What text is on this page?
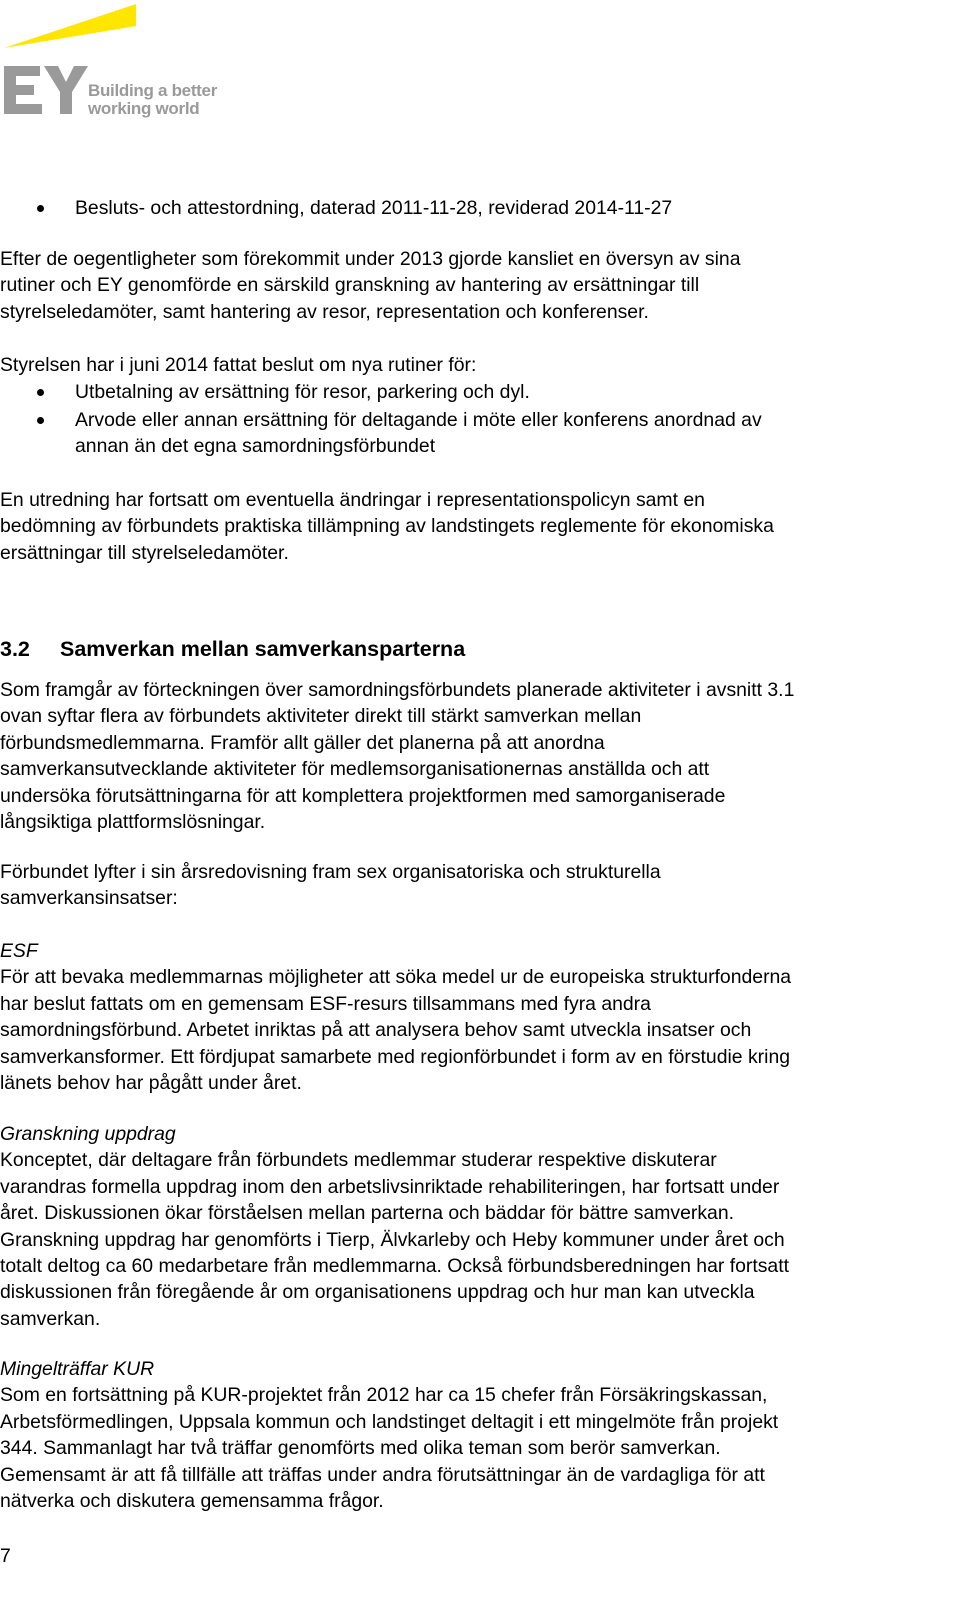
Building a better
working world
Besluts- och attestordning, daterad 2011-11-28, reviderad 2014-11-27
Efter de oegentligheter som förekommit under 2013 gjorde kansliet en översyn av sina
rutiner och EY genomförde en särskild granskning av hantering av ersättningar till
styrelseledamöter, samt hantering av resor, representation och konferenser.
Styrelsen har i juni 2014 fattat beslut om nya rutiner för:
Utbetalning av ersättning för resor, parkering och dyl.
Arvode eller annan ersättning för deltagande i möte eller konferens anordnad av
annan än det egna samordningsförbundet
En utredning har fortsatt om eventuella ändringar i representationspolicyn samt en
bedömning av förbundets praktiska tillämpning av landstingets reglemente för ekonomiska
ersättningar till styrelseledamöter.
3.2 Samverkan mellan samverkansparterna
Som framgår av förteckningen över samordningsförbundets planerade aktiviteter i avsnitt 3.1
ovan syftar flera av förbundets aktiviteter direkt till stärkt samverkan mellan
förbundsmedlemmarna. Framför allt gäller det planerna på att anordna
samverkansutvecklande aktiviteter för medlemsorganisationernas anställda och att
undersöka förutsättningarna för att komplettera projektformen med samorganiserade
långsiktiga plattformslösningar.
Förbundet lyfter i sin årsredovisning fram sex organisatoriska och strukturella
samverkansinsatser:
ESF
För att bevaka medlemmarnas möjligheter att söka medel ur de europeiska strukturfonderna
har beslut fattats om en gemensam ESF-resurs tillsammans med fyra andra
samordningsförbund. Arbetet inriktas på att analysera behov samt utveckla insatser och
samverkansformer. Ett fördjupat samarbete med regionförbundet i form av en förstudie kring
länets behov har pågått under året.
Granskning uppdrag
Konceptet, där deltagare från förbundets medlemmar studerar respektive diskuterar
varandras formella uppdrag inom den arbetslivsinriktade rehabiliteringen, har fortsatt under
året. Diskussionen ökar förståelsen mellan parterna och bäddar för bättre samverkan.
Granskning uppdrag har genomförts i Tierp, Älvkarleby och Heby kommuner under året och
totalt deltog ca 60 medarbetare från medlemmarna. Också förbundsberedningen har fortsatt
diskussionen från föregående år om organisationens uppdrag och hur man kan utveckla
samverkan.
Mingelträffar KUR
Som en fortsättning på KUR-projektet från 2012 har ca 15 chefer från Försäkringskassan,
Arbetsförmedlingen, Uppsala kommun och landstinget deltagit i ett mingelmöte från projekt
344. Sammanlagt har två träffar genomförts med olika teman som berör samverkan.
Gemensamt är att få tillfälle att träffas under andra förutsättningar än de vardagliga för att
nätverka och diskutera gemensamma frågor.
7
